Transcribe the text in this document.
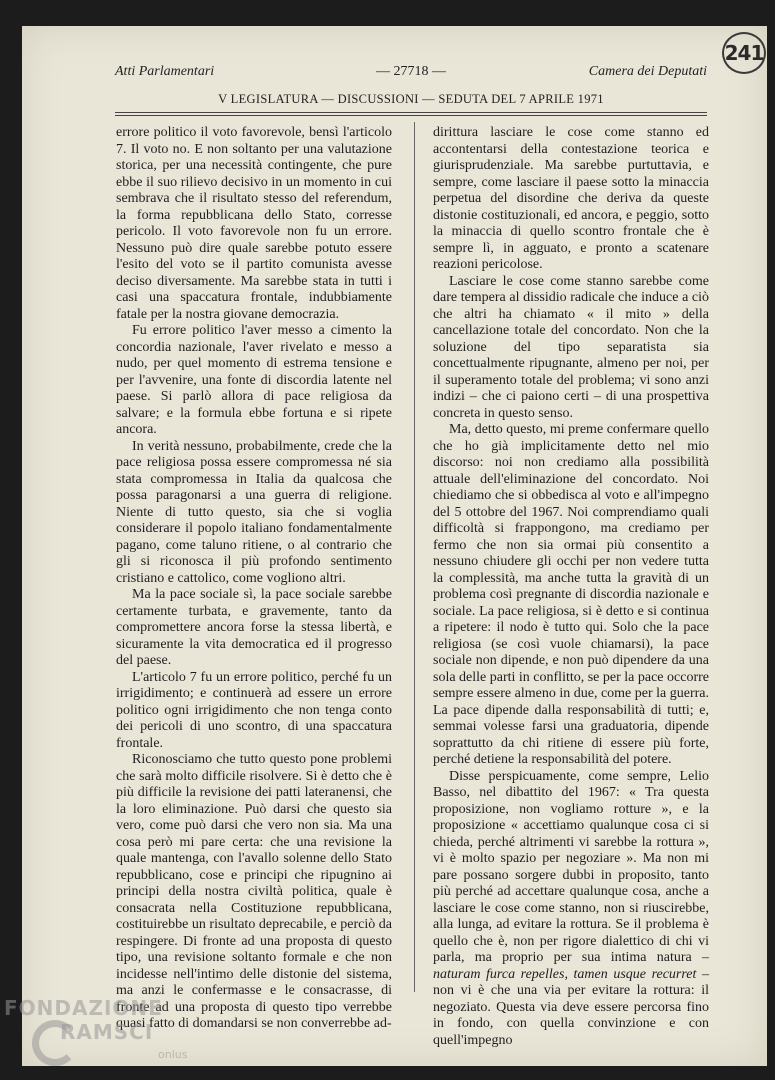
241
Atti Parlamentari	— 27718 —	Camera dei Deputati
V LEGISLATURA — DISCUSSIONI — SEDUTA DEL 7 APRILE 1971

errore politico il voto favorevole, bensì l'articolo 7. Il voto no. E non soltanto per una valutazione storica, per una necessità contingente, che pure ebbe il suo rilievo decisivo in un momento in cui sembrava che il risultato stesso del referendum, la forma repubblicana dello Stato, corresse pericolo. Il voto favorevole non fu un errore. Nessuno può dire quale sarebbe potuto essere l'esito del voto se il partito comunista avesse deciso diversamente. Ma sarebbe stata in tutti i casi una spaccatura frontale, indubbiamente fatale per la nostra giovane democrazia.

Fu errore politico l'aver messo a cimento la concordia nazionale, l'aver rivelato e messo a nudo, per quel momento di estrema tensione e per l'avvenire, una fonte di discordia latente nel paese. Si parlò allora di pace religiosa da salvare; e la formula ebbe fortuna e si ripete ancora.

In verità nessuno, probabilmente, crede che la pace religiosa possa essere compromessa né sia stata compromessa in Italia da qualcosa che possa paragonarsi a una guerra di religione. Niente di tutto questo, sia che si voglia considerare il popolo italiano fondamentalmente pagano, come taluno ritiene, o al contrario che gli si riconosca il più profondo sentimento cristiano e cattolico, come vogliono altri.

Ma la pace sociale sì, la pace sociale sarebbe certamente turbata, e gravemente, tanto da compromettere ancora forse la stessa libertà, e sicuramente la vita democratica ed il progresso del paese.

L'articolo 7 fu un errore politico, perché fu un irrigidimento; e continuerà ad essere un errore politico ogni irrigidimento che non tenga conto dei pericoli di uno scontro, di una spaccatura frontale.

Riconosciamo che tutto questo pone problemi che sarà molto difficile risolvere. Si è detto che è più difficile la revisione dei patti lateranensi, che la loro eliminazione. Può darsi che questo sia vero, come può darsi che vero non sia. Ma una cosa però mi pare certa: che una revisione la quale mantenga, con l'avallo solenne dello Stato repubblicano, cose e principi che ripugnino ai principi della nostra civiltà politica, quale è consacrata nella Costituzione repubblicana, costituirebbe un risultato deprecabile, e perciò da respingere. Di fronte ad una proposta di questo tipo, una revisione soltanto formale e che non incidesse nell'intimo delle distonie del sistema, ma anzi le confermasse e le consacrasse, di fronte ad una proposta di questo tipo verrebbe quasi fatto di domandarsi se non converrebbe ad-

dirittura lasciare le cose come stanno ed accontentarsi della contestazione teorica e giurisprudenziale. Ma sarebbe purtuttavia, e sempre, come lasciare il paese sotto la minaccia perpetua del disordine che deriva da queste distonie costituzionali, ed ancora, e peggio, sotto la minaccia di quello scontro frontale che è sempre lì, in agguato, e pronto a scatenare reazioni pericolose.

Lasciare le cose come stanno sarebbe come dare tempera al dissidio radicale che induce a ciò che altri ha chiamato « il mito » della cancellazione totale del concordato. Non che la soluzione del tipo separatista sia concettualmente ripugnante, almeno per noi, per il superamento totale del problema; vi sono anzi indizi – che ci paiono certi – di una prospettiva concreta in questo senso.

Ma, detto questo, mi preme confermare quello che ho già implicitamente detto nel mio discorso: noi non crediamo alla possibilità attuale dell'eliminazione del concordato. Noi chiediamo che si obbedisca al voto e all'impegno del 5 ottobre del 1967. Noi comprendiamo quali difficoltà si frappongono, ma crediamo per fermo che non sia ormai più consentito a nessuno chiudere gli occhi per non vedere tutta la complessità, ma anche tutta la gravità di un problema così pregnante di discordia nazionale e sociale. La pace religiosa, si è detto e si continua a ripetere: il nodo è tutto qui. Solo che la pace religiosa (se così vuole chiamarsi), la pace sociale non dipende, e non può dipendere da una sola delle parti in conflitto, se per la pace occorre sempre essere almeno in due, come per la guerra. La pace dipende dalla responsabilità di tutti; e, semmai volesse farsi una graduatoria, dipende soprattutto da chi ritiene di essere più forte, perché detiene la responsabilità del potere.

Disse perspicuamente, come sempre, Lelio Basso, nel dibattito del 1967: « Tra questa proposizione, non vogliamo rotture », e la proposizione « accettiamo qualunque cosa ci si chieda, perché altrimenti vi sarebbe la rottura », vi è molto spazio per negoziare ». Ma non mi pare possano sorgere dubbi in proposito, tanto più perché ad accettare qualunque cosa, anche a lasciare le cose come stanno, non si riuscirebbe, alla lunga, ad evitare la rottura. Se il problema è quello che è, non per rigore dialettico di chi vi parla, ma proprio per sua intima natura – naturam furca repelles, tamen usque recurret – non vi è che una via per evitare la rottura: il negoziato. Questa via deve essere percorsa fino in fondo, con quella convinzione e con quell'impegno

FONDAZIONE
RAMSCI
onlus
